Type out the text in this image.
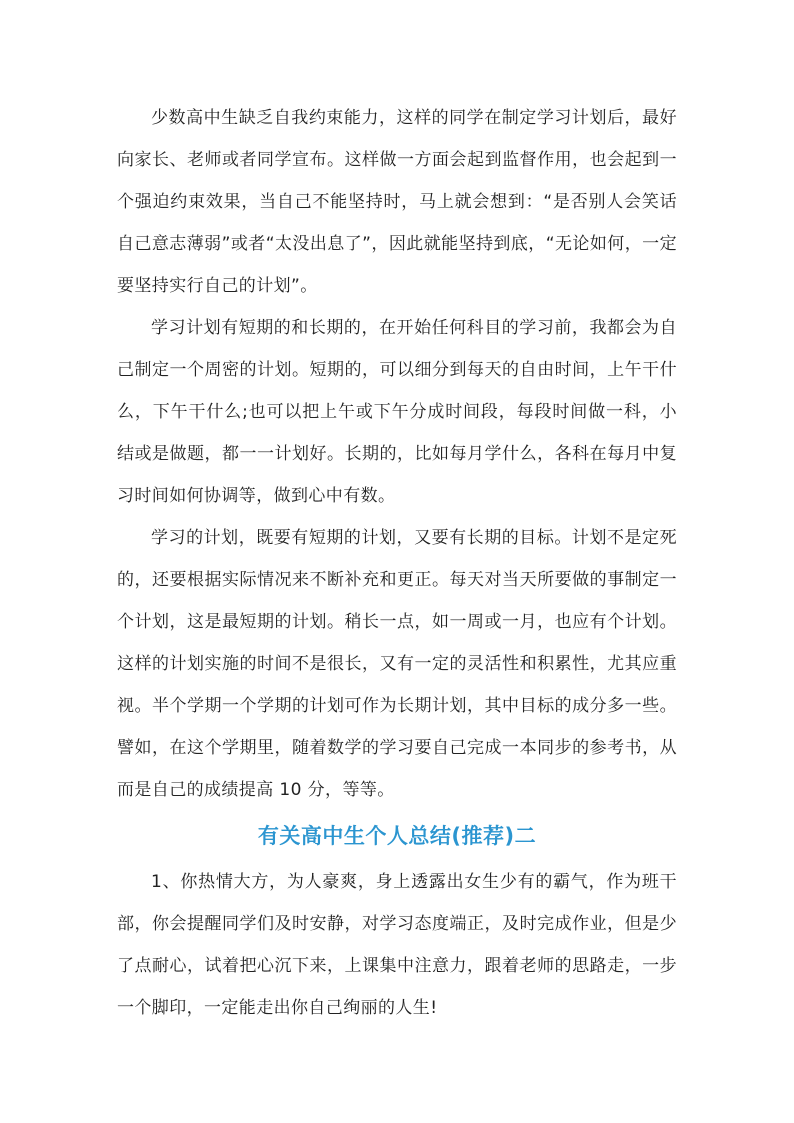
少数高中生缺乏自我约束能力，这样的同学在制定学习计划后，最好向家长、老师或者同学宣布。这样做一方面会起到监督作用，也会起到一个强迫约束效果，当自己不能坚持时，马上就会想到：“是否别人会笑话自己意志薄弱”或者“太没出息了”，因此就能坚持到底，“无论如何，一定要坚持实行自己的计划”。

学习计划有短期的和长期的，在开始任何科目的学习前，我都会为自己制定一个周密的计划。短期的，可以细分到每天的自由时间，上午干什么，下午干什么;也可以把上午或下午分成时间段，每段时间做一科，小结或是做题，都一一计划好。长期的，比如每月学什么，各科在每月中复习时间如何协调等，做到心中有数。

学习的计划，既要有短期的计划，又要有长期的目标。计划不是定死的，还要根据实际情况来不断补充和更正。每天对当天所要做的事制定一个计划，这是最短期的计划。稍长一点，如一周或一月，也应有个计划。这样的计划实施的时间不是很长，又有一定的灵活性和积累性，尤其应重视。半个学期一个学期的计划可作为长期计划，其中目标的成分多一些。譬如，在这个学期里，随着数学的学习要自己完成一本同步的参考书，从而是自己的成绩提高 10 分，等等。

有关高中生个人总结(推荐)二

1、你热情大方，为人豪爽，身上透露出女生少有的霸气，作为班干部，你会提醒同学们及时安静，对学习态度端正，及时完成作业，但是少了点耐心，试着把心沉下来，上课集中注意力，跟着老师的思路走，一步一个脚印，一定能走出你自己绚丽的人生!
